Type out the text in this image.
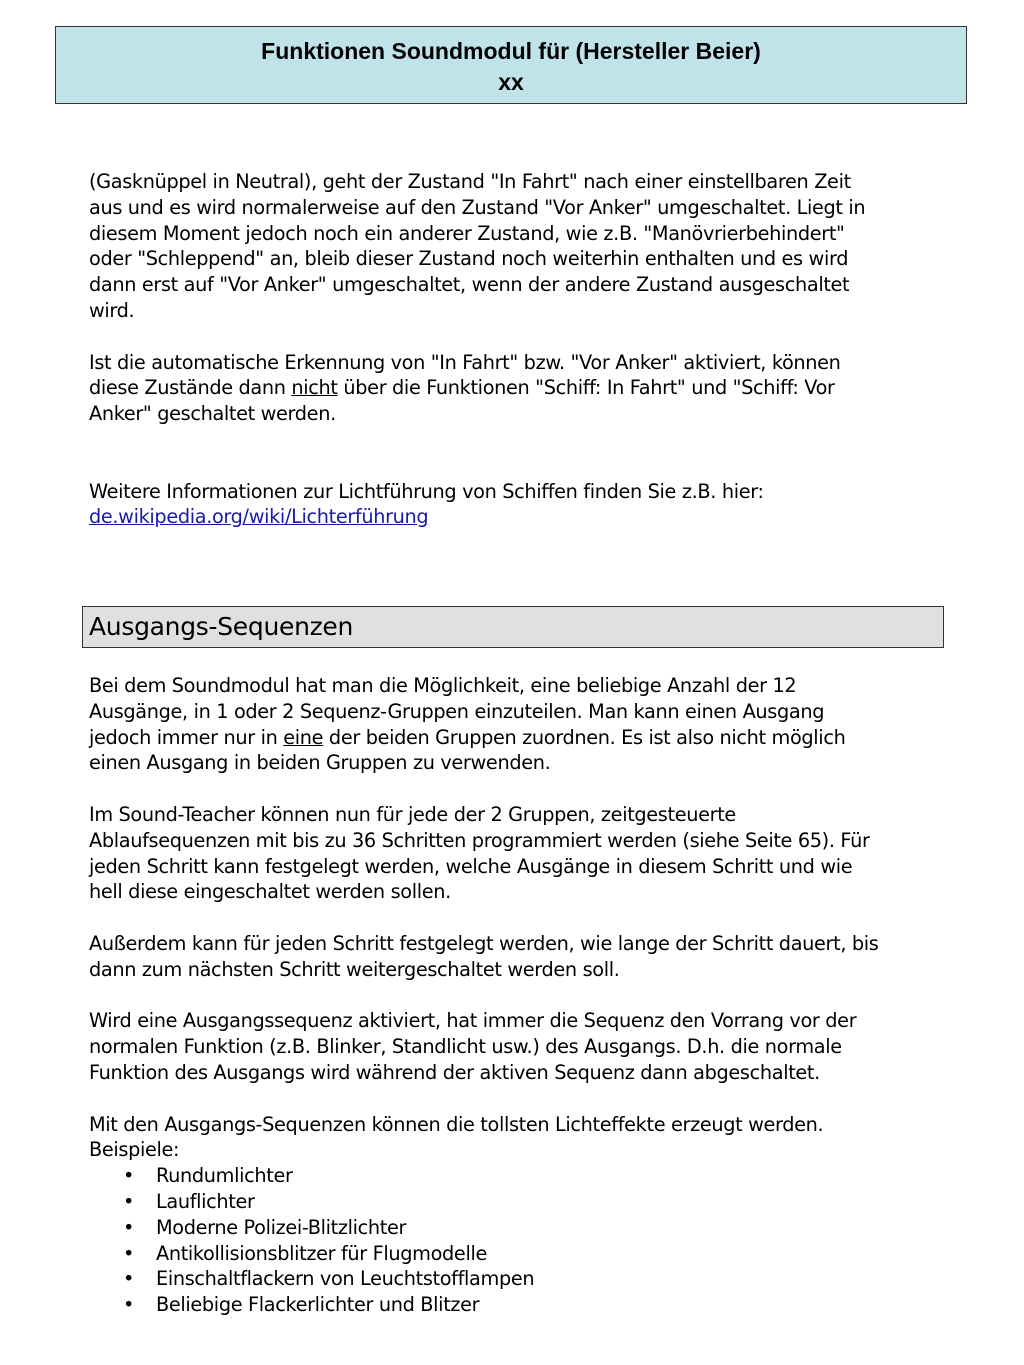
Funktionen Soundmodul für (Hersteller Beier)
xx

(Gasknüppel in Neutral), geht der Zustand "In Fahrt" nach einer einstellbaren Zeit
aus und es wird normalerweise auf den Zustand "Vor Anker" umgeschaltet. Liegt in
diesem Moment jedoch noch ein anderer Zustand, wie z.B. "Manövrierbehindert"
oder "Schleppend" an, bleib dieser Zustand noch weiterhin enthalten und es wird
dann erst auf "Vor Anker" umgeschaltet, wenn der andere Zustand ausgeschaltet
wird.

Ist die automatische Erkennung von "In Fahrt" bzw. "Vor Anker" aktiviert, können
diese Zustände dann nicht über die Funktionen "Schiff: In Fahrt" und "Schiff: Vor
Anker" geschaltet werden.

Weitere Informationen zur Lichtführung von Schiffen finden Sie z.B. hier:
de.wikipedia.org/wiki/Lichterführung

Ausgangs-Sequenzen

Bei dem Soundmodul hat man die Möglichkeit, eine beliebige Anzahl der 12
Ausgänge, in 1 oder 2 Sequenz-Gruppen einzuteilen. Man kann einen Ausgang
jedoch immer nur in eine der beiden Gruppen zuordnen. Es ist also nicht möglich
einen Ausgang in beiden Gruppen zu verwenden.

Im Sound-Teacher können nun für jede der 2 Gruppen, zeitgesteuerte
Ablaufsequenzen mit bis zu 36 Schritten programmiert werden (siehe Seite 65). Für
jeden Schritt kann festgelegt werden, welche Ausgänge in diesem Schritt und wie
hell diese eingeschaltet werden sollen.

Außerdem kann für jeden Schritt festgelegt werden, wie lange der Schritt dauert, bis
dann zum nächsten Schritt weitergeschaltet werden soll.

Wird eine Ausgangssequenz aktiviert, hat immer die Sequenz den Vorrang vor der
normalen Funktion (z.B. Blinker, Standlicht usw.) des Ausgangs. D.h. die normale
Funktion des Ausgangs wird während der aktiven Sequenz dann abgeschaltet.

Mit den Ausgangs-Sequenzen können die tollsten Lichteffekte erzeugt werden.
Beispiele:

• Rundumlichter
• Lauflichter
• Moderne Polizei-Blitzlichter
• Antikollisionsblitzer für Flugmodelle
• Einschaltflackern von Leuchtstofflampen
• Beliebige Flackerlichter und Blitzer
